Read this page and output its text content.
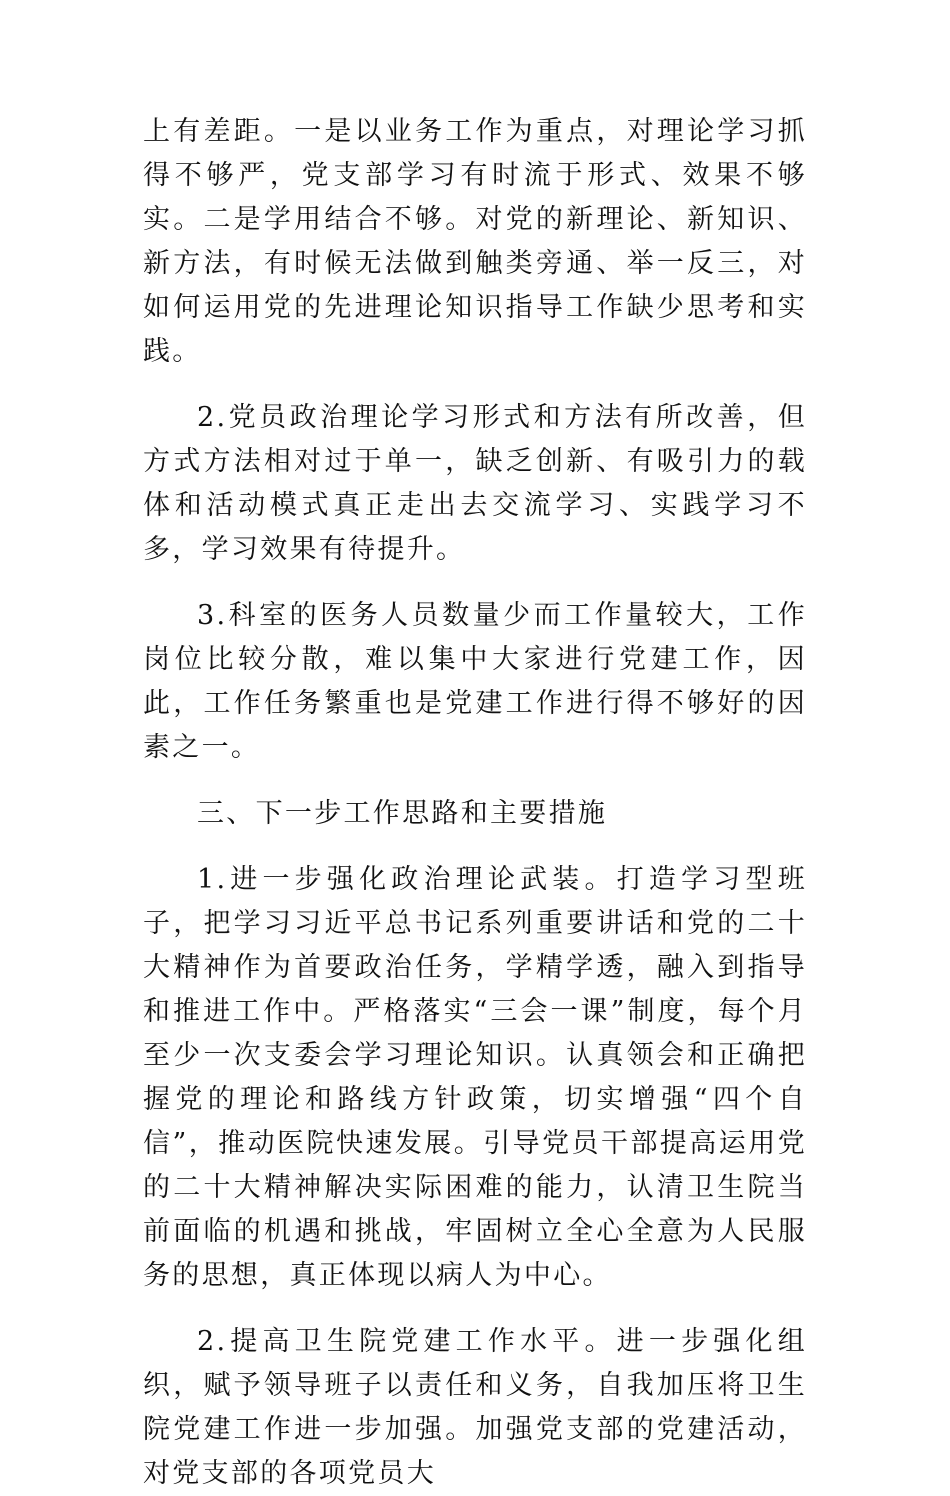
上有差距。一是以业务工作为重点，对理论学习抓得不够严，党支部学习有时流于形式、效果不够实。二是学用结合不够。对党的新理论、新知识、新方法，有时候无法做到触类旁通、举一反三，对如何运用党的先进理论知识指导工作缺少思考和实践。

2.党员政治理论学习形式和方法有所改善，但方式方法相对过于单一，缺乏创新、有吸引力的载体和活动模式真正走出去交流学习、实践学习不多，学习效果有待提升。

3.科室的医务人员数量少而工作量较大，工作岗位比较分散，难以集中大家进行党建工作，因此，工作任务繁重也是党建工作进行得不够好的因素之一。

三、下一步工作思路和主要措施

1.进一步强化政治理论武装。打造学习型班子，把学习习近平总书记系列重要讲话和党的二十大精神作为首要政治任务，学精学透，融入到指导和推进工作中。严格落实“三会一课”制度，每个月至少一次支委会学习理论知识。认真领会和正确把握党的理论和路线方针政策，切实增强“四个自信”，推动医院快速发展。引导党员干部提高运用党的二十大精神解决实际困难的能力，认清卫生院当前面临的机遇和挑战，牢固树立全心全意为人民服务的思想，真正体现以病人为中心。

2.提高卫生院党建工作水平。进一步强化组织，赋予领导班子以责任和义务，自我加压将卫生院党建工作进一步加强。加强党支部的党建活动，对党支部的各项党员大
